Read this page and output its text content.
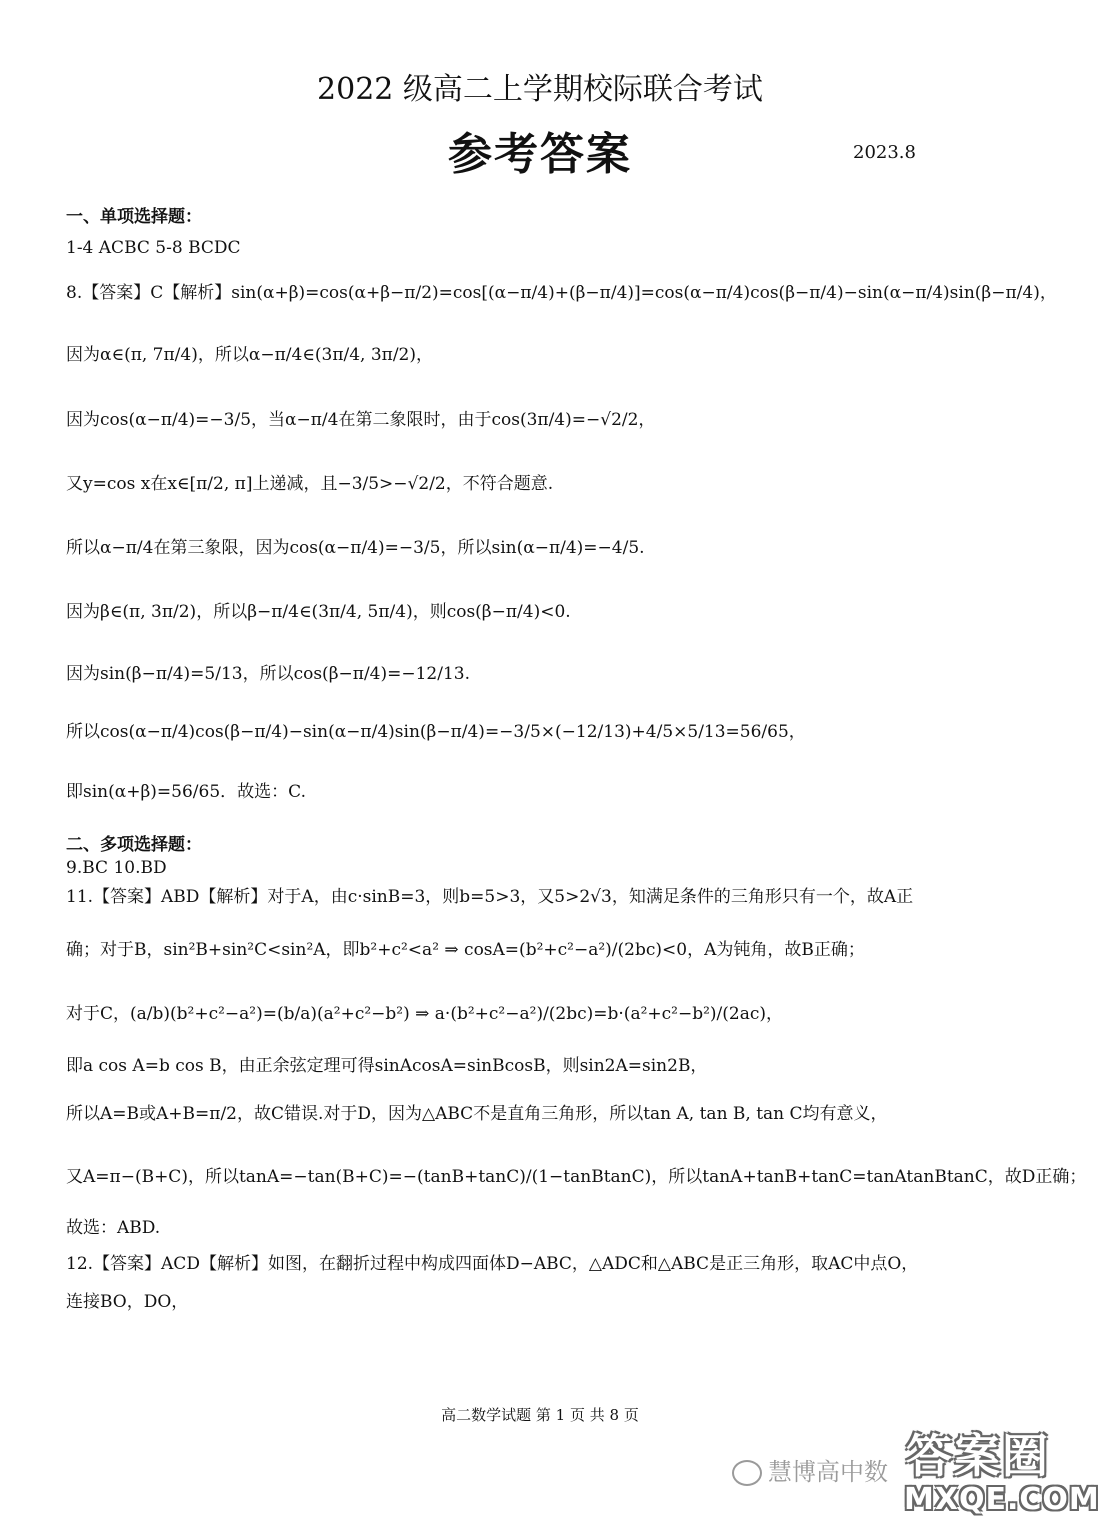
2022 级高二上学期校际联合考试
参考答案	2023.8
一、单项选择题：
1-4 ACBC 5-8 BCDC
8.【答案】C【解析】sin(α+β)=cos(α+β−π/2)=cos[(α−π/4)+(β−π/4)]=cos(α−π/4)cos(β−π/4)−sin(α−π/4)sin(β−π/4)，
因为α∈(π, 7π/4)，所以α−π/4∈(3π/4, 3π/2)，
因为cos(α−π/4)=−3/5，当α−π/4在第二象限时，由于cos(3π/4)=−√2/2，
又y=cos x在x∈[π/2, π]上递减，且−3/5>−√2/2，不符合题意.
所以α−π/4在第三象限，因为cos(α−π/4)=−3/5，所以sin(α−π/4)=−4/5.
因为β∈(π, 3π/2)，所以β−π/4∈(3π/4, 5π/4)，则cos(β−π/4)<0.
因为sin(β−π/4)=5/13，所以cos(β−π/4)=−12/13.
所以cos(α−π/4)cos(β−π/4)−sin(α−π/4)sin(β−π/4)=−3/5×(−12/13)+4/5×5/13=56/65，
即sin(α+β)=56/65．故选：C.
二、多项选择题：
9.BC 10.BD
11.【答案】ABD【解析】对于A，由c·sinB=3，则b=5>3，又5>2√3，知满足条件的三角形只有一个，故A正
确；对于B，sin²B+sin²C<sin²A，即b²+c²<a² ⇒ cosA=(b²+c²−a²)/(2bc)<0，A为钝角，故B正确；
对于C，(a/b)(b²+c²−a²)=(b/a)(a²+c²−b²) ⇒ a·(b²+c²−a²)/(2bc)=b·(a²+c²−b²)/(2ac)，
即a cos A=b cos B，由正余弦定理可得sinAcosA=sinBcosB，则sin2A=sin2B，
所以A=B或A+B=π/2，故C错误.对于D，因为△ABC不是直角三角形，所以tan A, tan B, tan C均有意义，
又A=π−(B+C)，所以tanA=−tan(B+C)=−(tanB+tanC)/(1−tanBtanC)，所以tanA+tanB+tanC=tanAtanBtanC，故D正确；
故选：ABD.
12.【答案】ACD【解析】如图，在翻折过程中构成四面体D−ABC，△ADC和△ABC是正三角形，取AC中点O，
连接BO，DO，
高二数学试题 第 1 页 共 8 页
慧博高中数 答案圈
MXQE.COM
